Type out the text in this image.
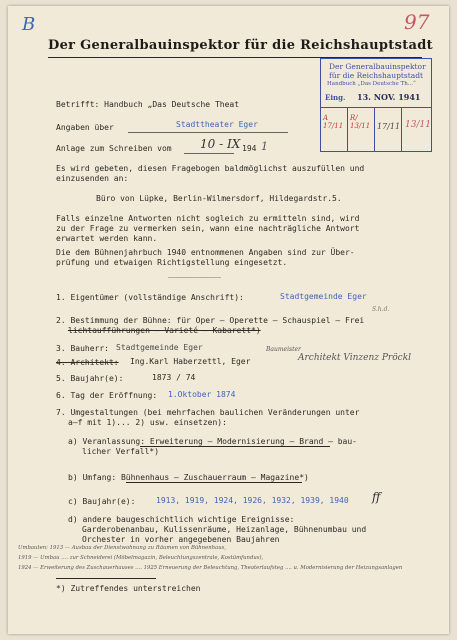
B	97
Der Generalbauinspektor für die Reichshauptstadt
Der Generalbauinspektor
für die Reichshauptstadt
Handbuch „Das Deutsche Th...“
Eing. 13. NOV. 1941
A
17/11
R/
13/11 17/11 13/11
Betrifft: Handbuch „Das Deutsche Theat
Angaben über	Stadttheater Eger
Anlage zum Schreiben vom 10 - IX 194 1
Es wird gebeten, diesen Fragebogen baldmöglichst auszufüllen und
einzusenden an:
Büro von Lüpke, Berlin-Wilmersdorf, Hildegardstr.5.
Falls einzelne Antworten nicht sogleich zu ermitteln sind, wird
zu der Frage zu vermerken sein, wann eine nachträgliche Antwort
erwartet werden kann.
Die dem Bühnenjahrbuch 1940 entnommenen Angaben sind zur Über-
prüfung und etwaigen Richtigstellung eingesetzt.
___________
1. Eigentümer (vollständige Anschrift):	Stadtgemeinde Eger
2. Bestimmung der Bühne: für Oper — Operette — Schauspiel — Frei
lichtaufführungen — Varieté — Kabarett*)
S.h.d.
3. Bauherr: Stadtgemeinde Eger
4. Architekt: Ing.Karl Haberzettl, Eger
Baumeister
Architekt Vinzenz Pröckl
5. Baujahr(e):	1873 / 74
6. Tag der Eröffnung: 1.Oktober 1874
7. Umgestaltungen (bei mehrfachen baulichen Veränderungen unter
a—f mit 1)... 2) usw. einsetzen):
a) Veranlassung: Erweiterung — Modernisierung — Brand — bau-
licher Verfall*)
b) Umfang: Bühnenhaus — Zuschauerraum — Magazine*)
c) Baujahr(e):	1913, 1919, 1924, 1926, 1932, 1939, 1940 ff
d) andere baugeschichtlich wichtige Ereignisse:
Garderobenanbau, Kulissenräume, Heizanlage, Bühnenumbau und
Orchester in vorher angegebenen Baujahren
Umbauten: 1913 — Ausbau der Dienstwohnung zu Räumen von Bühnenhaus,
1919 — Umbau .... zur Schneiderei (Möbelmagazin, Beleuchtungszentrale, Kostümfundus),
1924 — Erweiterung des Zuschauerhauses .... 1925 Erneuerung der Beleuchtung, Theaterlaufsteg .... u. Modernisierung der Heizungsanlagen
*) Zutreffendes unterstreichen
